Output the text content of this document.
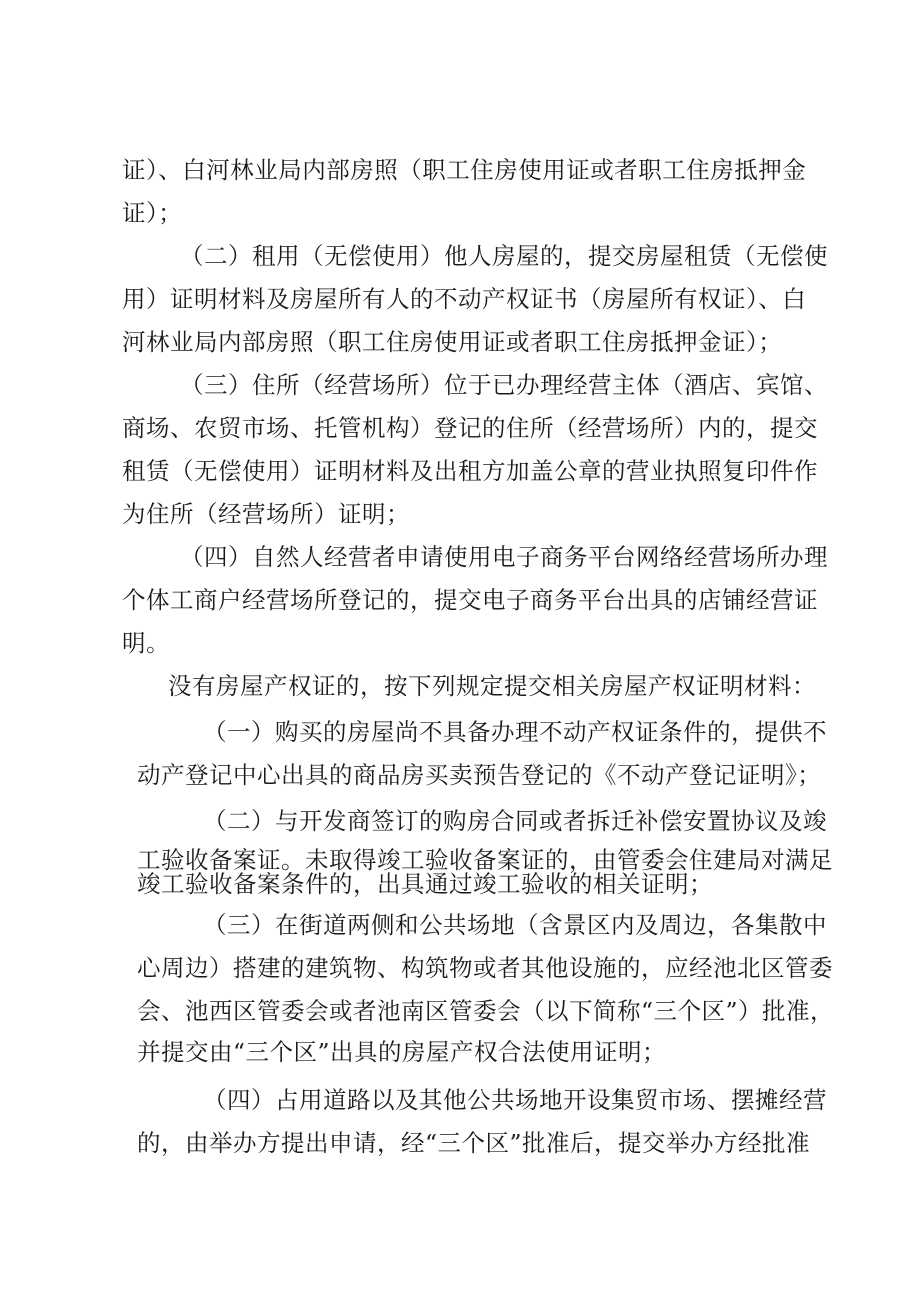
证）、白河林业局内部房照（职工住房使用证或者职工住房抵押金
证）；
（二）租用（无偿使用）他人房屋的，提交房屋租赁（无偿使
用）证明材料及房屋所有人的不动产权证书（房屋所有权证）、白
河林业局内部房照（职工住房使用证或者职工住房抵押金证）；
（三）住所（经营场所）位于已办理经营主体（酒店、宾馆、
商场、农贸市场、托管机构）登记的住所（经营场所）内的，提交
租赁（无偿使用）证明材料及出租方加盖公章的营业执照复印件作
为住所（经营场所）证明；
（四）自然人经营者申请使用电子商务平台网络经营场所办理
个体工商户经营场所登记的，提交电子商务平台出具的店铺经营证
明。
没有房屋产权证的，按下列规定提交相关房屋产权证明材料：
（一）购买的房屋尚不具备办理不动产权证条件的，提供不
动产登记中心出具的商品房买卖预告登记的《不动产登记证明》；
（二）与开发商签订的购房合同或者拆迁补偿安置协议及竣
工验收备案证。未取得竣工验收备案证的，由管委会住建局对满足
竣工验收备案条件的，出具通过竣工验收的相关证明；
（三）在街道两侧和公共场地（含景区内及周边，各集散中
心周边）搭建的建筑物、构筑物或者其他设施的，应经池北区管委
会、池西区管委会或者池南区管委会（以下简称“三个区”）批准，
并提交由“三个区”出具的房屋产权合法使用证明；
（四）占用道路以及其他公共场地开设集贸市场、摆摊经营
的，由举办方提出申请，经“三个区”批准后，提交举办方经批准
